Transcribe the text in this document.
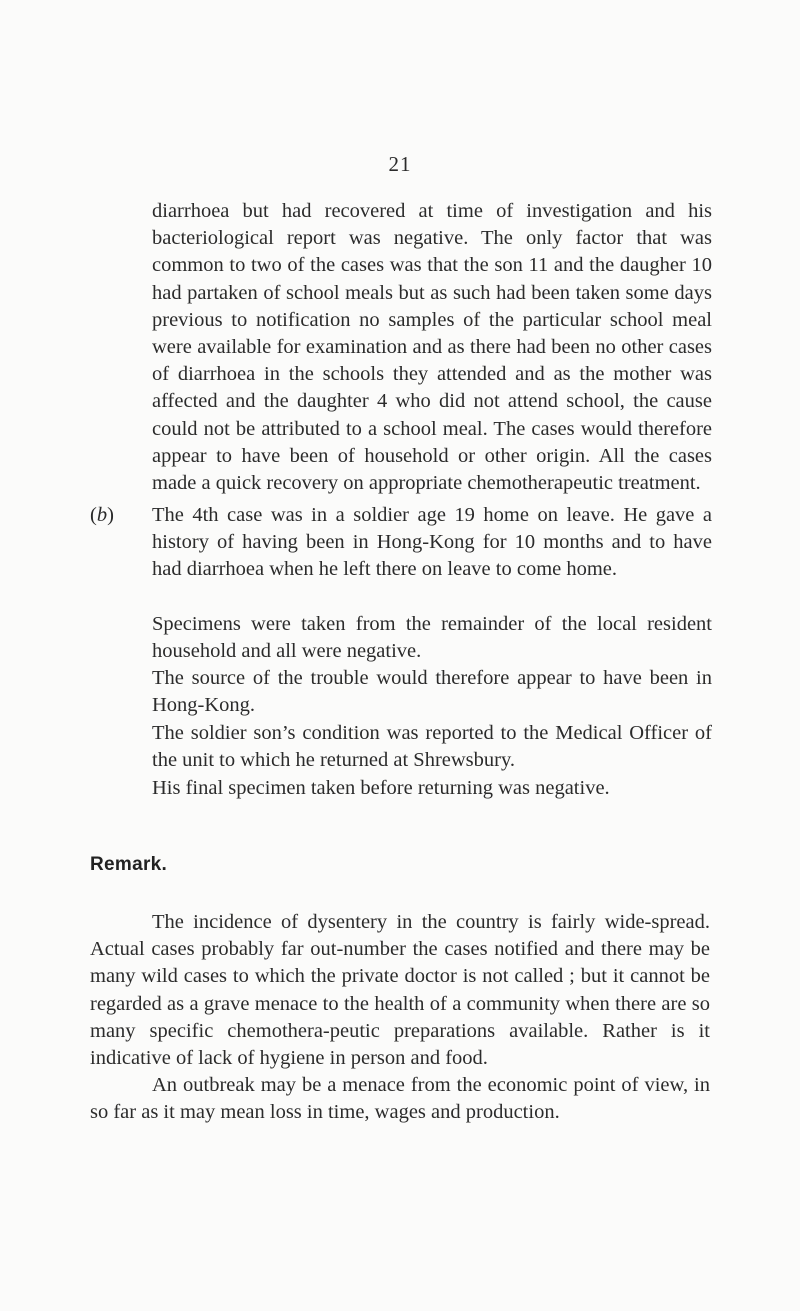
21

diarrhoea but had recovered at time of investigation and his bacteriological report was negative. The only factor that was common to two of the cases was that the son 11 and the daugher 10 had partaken of school meals but as such had been taken some days previous to notification no samples of the particular school meal were available for examination and as there had been no other cases of diarrhoea in the schools they attended and as the mother was affected and the daughter 4 who did not attend school, the cause could not be attributed to a school meal. The cases would therefore appear to have been of household or other origin. All the cases made a quick recovery on appropriate chemotherapeutic treatment.

(b) The 4th case was in a soldier age 19 home on leave. He gave a history of having been in Hong-Kong for 10 months and to have had diarrhoea when he left there on leave to come home.

Specimens were taken from the remainder of the local resident household and all were negative.

The source of the trouble would therefore appear to have been in Hong-Kong.

The soldier son’s condition was reported to the Medical Officer of the unit to which he returned at Shrewsbury.

His final specimen taken before returning was negative.

Remark.

The incidence of dysentery in the country is fairly wide-spread. Actual cases probably far out-number the cases notified and there may be many wild cases to which the private doctor is not called ; but it cannot be regarded as a grave menace to the health of a community when there are so many specific chemothera-peutic preparations available. Rather is it indicative of lack of hygiene in person and food.

An outbreak may be a menace from the economic point of view, in so far as it may mean loss in time, wages and production.
